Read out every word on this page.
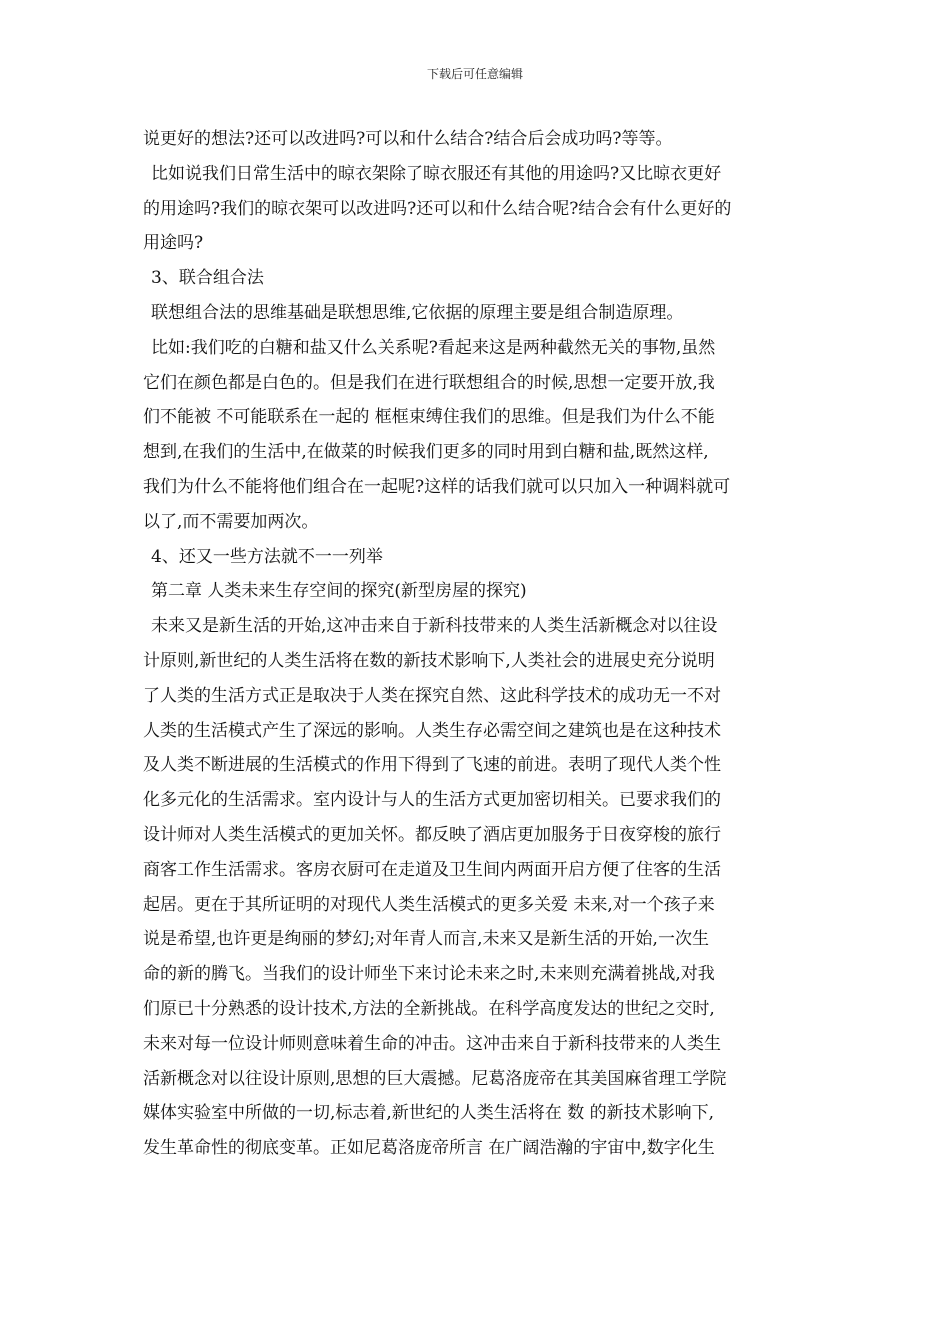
下载后可任意编辑
说更好的想法?还可以改进吗?可以和什么结合?结合后会成功吗?等等。
比如说我们日常生活中的晾衣架除了晾衣服还有其他的用途吗?又比晾衣更好
的用途吗?我们的晾衣架可以改进吗?还可以和什么结合呢?结合会有什么更好的
用途吗?
3、联合组合法
联想组合法的思维基础是联想思维,它依据的原理主要是组合制造原理。
比如:我们吃的白糖和盐又什么关系呢?看起来这是两种截然无关的事物,虽然
它们在颜色都是白色的。但是我们在进行联想组合的时候,思想一定要开放,我
们不能被 不可能联系在一起的 框框束缚住我们的思维。但是我们为什么不能
想到,在我们的生活中,在做菜的时候我们更多的同时用到白糖和盐,既然这样,
我们为什么不能将他们组合在一起呢?这样的话我们就可以只加入一种调料就可
以了,而不需要加两次。
4、还又一些方法就不一一列举
第二章 人类未来生存空间的探究(新型房屋的探究)
未来又是新生活的开始,这冲击来自于新科技带来的人类生活新概念对以往设
计原则,新世纪的人类生活将在数的新技术影响下,人类社会的进展史充分说明
了人类的生活方式正是取决于人类在探究自然、这此科学技术的成功无一不对
人类的生活模式产生了深远的影响。人类生存必需空间之建筑也是在这种技术
及人类不断进展的生活模式的作用下得到了飞速的前进。表明了现代人类个性
化多元化的生活需求。室内设计与人的生活方式更加密切相关。已要求我们的
设计师对人类生活模式的更加关怀。都反映了酒店更加服务于日夜穿梭的旅行
商客工作生活需求。客房衣厨可在走道及卫生间内两面开启方便了住客的生活
起居。更在于其所证明的对现代人类生活模式的更多关爱 未来,对一个孩子来
说是希望,也许更是绚丽的梦幻;对年青人而言,未来又是新生活的开始,一次生
命的新的腾飞。当我们的设计师坐下来讨论未来之时,未来则充满着挑战,对我
们原已十分熟悉的设计技术,方法的全新挑战。在科学高度发达的世纪之交时,
未来对每一位设计师则意味着生命的冲击。这冲击来自于新科技带来的人类生
活新概念对以往设计原则,思想的巨大震撼。尼葛洛庞帝在其美国麻省理工学院
媒体实验室中所做的一切,标志着,新世纪的人类生活将在 数 的新技术影响下,
发生革命性的彻底变革。正如尼葛洛庞帝所言 在广阔浩瀚的宇宙中,数字化生
